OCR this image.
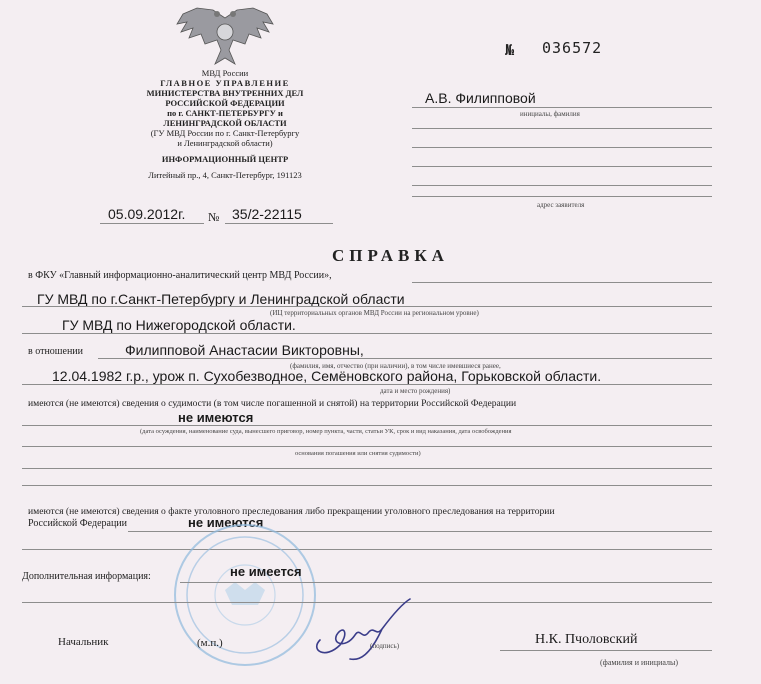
МВД России
ГЛАВНОЕ УПРАВЛЕНИЕ
МИНИСТЕРСТВА ВНУТРЕННИХ ДЕЛ
РОССИЙСКОЙ ФЕДЕРАЦИИ
по г. САНКТ-ПЕТЕРБУРГУ и
ЛЕНИНГРАДСКОЙ ОБЛАСТИ
(ГУ МВД России по г. Санкт-Петербургу
и Ленинградской области)
ИНФОРМАЦИОННЫЙ ЦЕНТР
Литейный пр., 4, Санкт-Петербург, 191123
05.09.2012г. № 35/2-22115
№ 036572
А.В. Филипповой
инициалы, фамилия
адрес заявителя
СПРАВКА
в ФКУ «Главный информационно-аналитический центр МВД России»,
ГУ МВД по г.Санкт-Петербургу и Ленинградской области
(ИЦ территориальных органов МВД России на региональном уровне)
ГУ МВД по Нижегородской области.
в отношении	Филипповой Анастасии Викторовны,
(фамилия, имя, отчество (при наличии), в том числе имевшиеся ранее,
12.04.1982 г.р., урож п. Сухобезводное, Семёновского района, Горьковской области.
дата и место рождения)
имеются (не имеются) сведения о судимости (в том числе погашенной и снятой) на территории Российской Федерации
не имеются
(дата осуждения, наименование суда, вынесшего приговор, номер пункта, части, статьи УК, срок и вид наказания, дата освобождения
основания погашения или снятия судимости)
имеются (не имеются) сведения о факте уголовного преследования либо прекращении уголовного преследования на территории
Российской Федерации	не имеются
Дополнительная информация:	не имеется
Начальник	(м.п.)	(подпись)	Н.К. Пчоловский
(фамилия и инициалы)
